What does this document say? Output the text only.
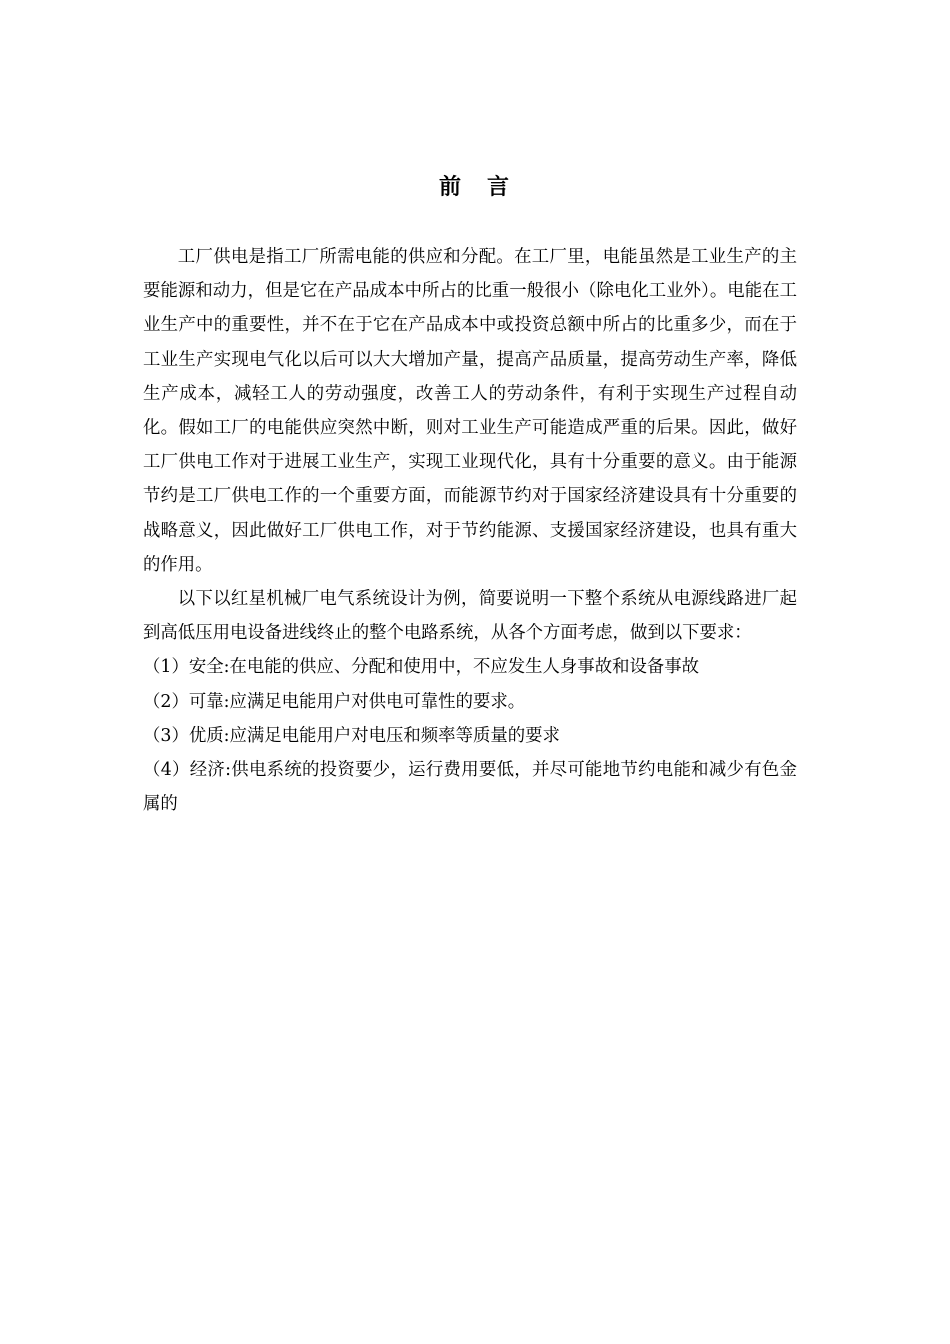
前　言

工厂供电是指工厂所需电能的供应和分配。在工厂里，电能虽然是工业生产的主要能源和动力，但是它在产品成本中所占的比重一般很小（除电化工业外）。电能在工业生产中的重要性，并不在于它在产品成本中或投资总额中所占的比重多少，而在于工业生产实现电气化以后可以大大增加产量，提高产品质量，提高劳动生产率，降低生产成本，减轻工人的劳动强度，改善工人的劳动条件，有利于实现生产过程自动化。假如工厂的电能供应突然中断，则对工业生产可能造成严重的后果。因此，做好工厂供电工作对于进展工业生产，实现工业现代化，具有十分重要的意义。由于能源节约是工厂供电工作的一个重要方面，而能源节约对于国家经济建设具有十分重要的战略意义，因此做好工厂供电工作，对于节约能源、支援国家经济建设，也具有重大的作用。

以下以红星机械厂电气系统设计为例，简要说明一下整个系统从电源线路进厂起到高低压用电设备进线终止的整个电路系统，从各个方面考虑，做到以下要求：

（1）安全:在电能的供应、分配和使用中，不应发生人身事故和设备事故

（2）可靠:应满足电能用户对供电可靠性的要求。

（3）优质:应满足电能用户对电压和频率等质量的要求

（4）经济:供电系统的投资要少，运行费用要低，并尽可能地节约电能和减少有色金属的
